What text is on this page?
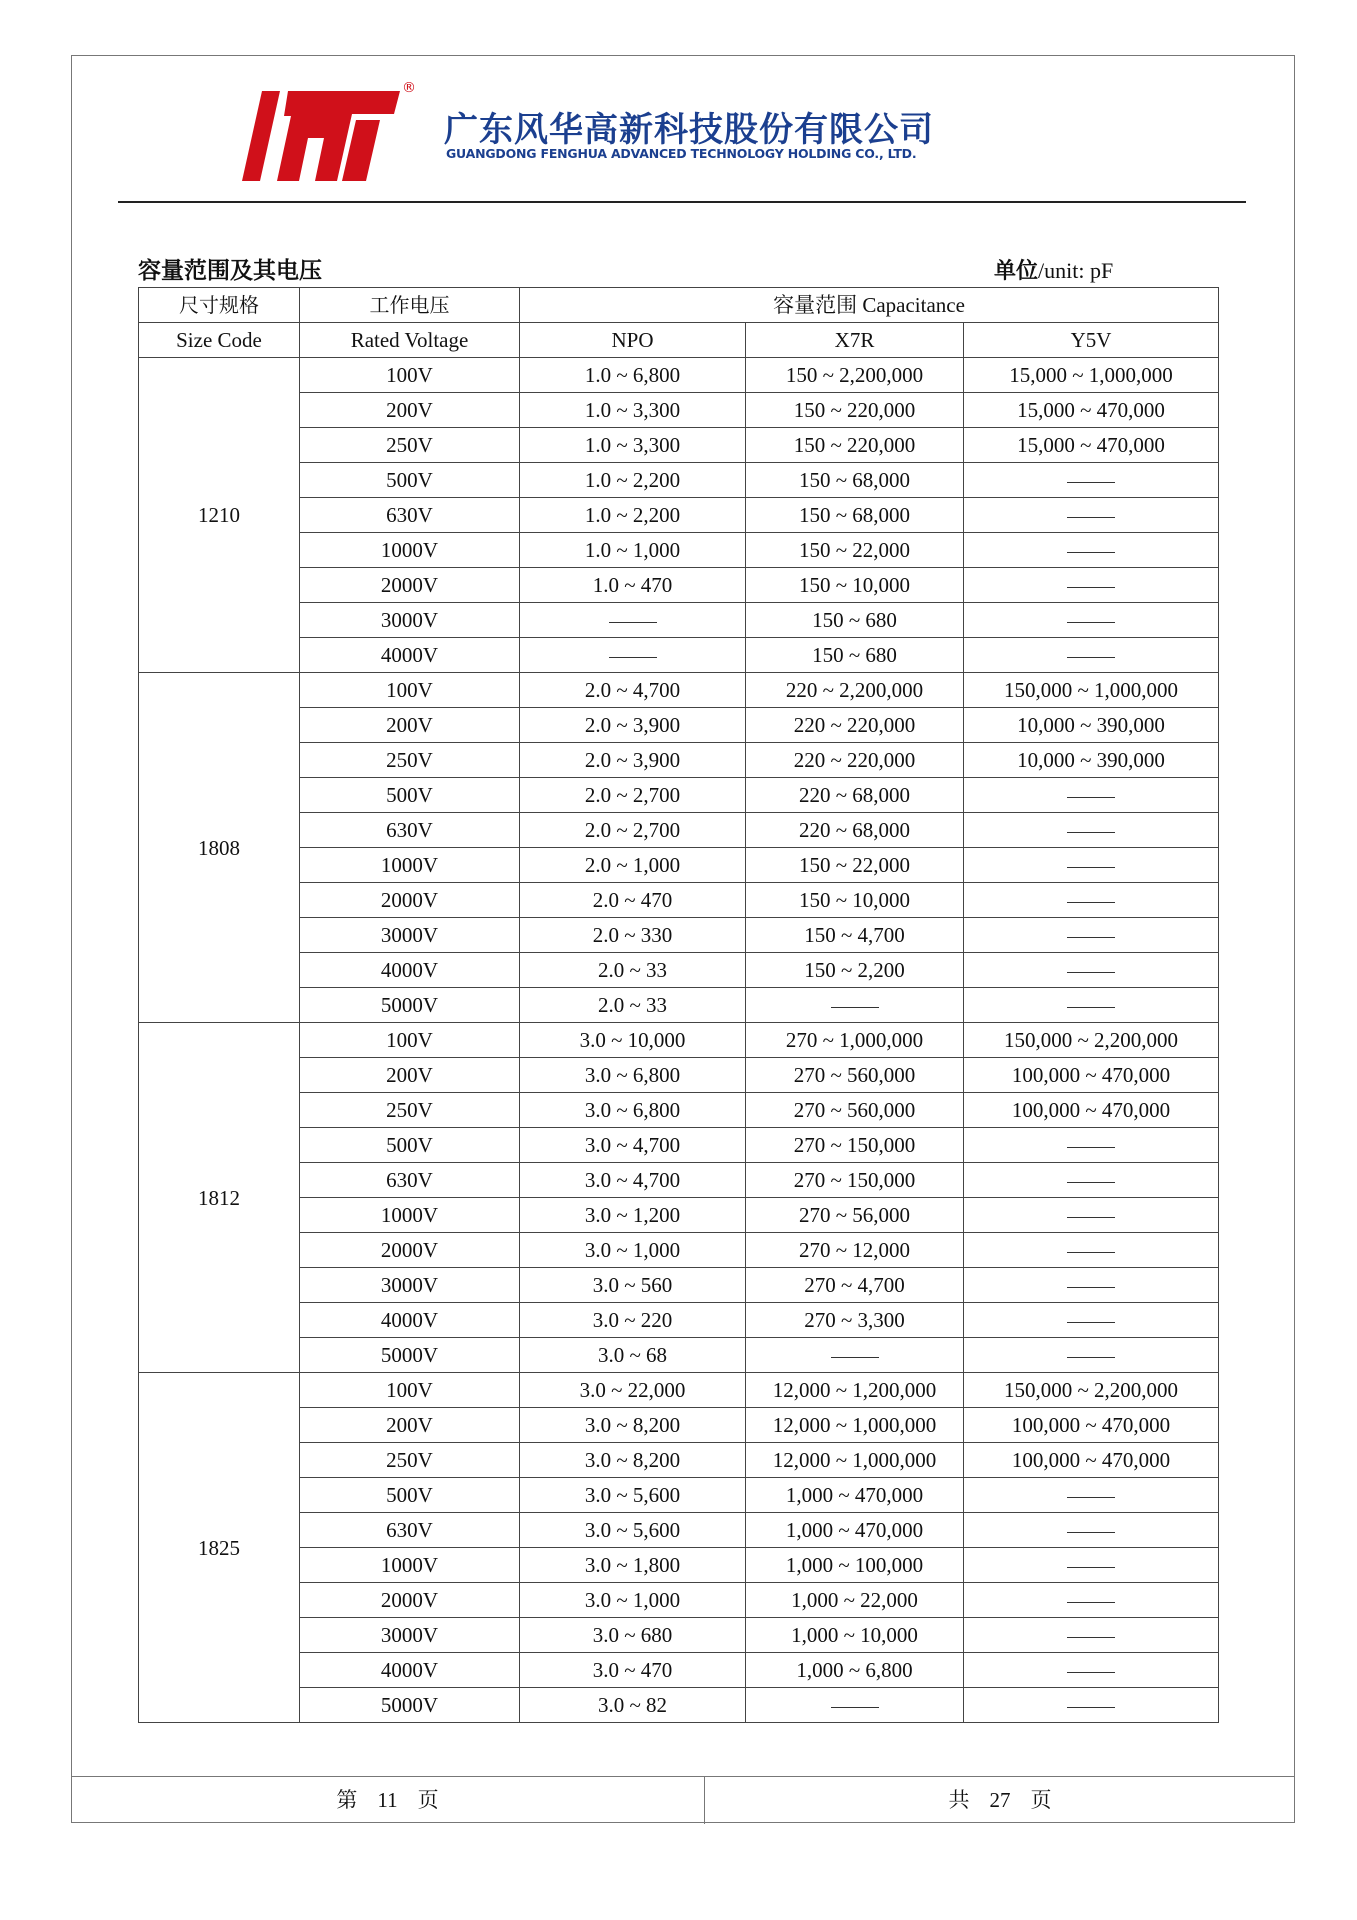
®
广东风华高新科技股份有限公司
GUANGDONG FENGHUA ADVANCED TECHNOLOGY HOLDING CO., LTD.
容量范围及其电压	单位/unit: pF
尺寸规格	工作电压	容量范围 Capacitance		
Size Code	Rated Voltage	NPO	X7R	Y5V
1210	100V	1.0 ~ 6,800	150 ~ 2,200,000	15,000 ~ 1,000,000
	200V	1.0 ~ 3,300	150 ~ 220,000	15,000 ~ 470,000
	250V	1.0 ~ 3,300	150 ~ 220,000	15,000 ~ 470,000
	500V	1.0 ~ 2,200	150 ~ 68,000	
	630V	1.0 ~ 2,200	150 ~ 68,000	
	1000V	1.0 ~ 1,000	150 ~ 22,000	
	2000V	1.0 ~ 470	150 ~ 10,000	
	3000V		150 ~ 680	
	4000V		150 ~ 680	
1808	100V	2.0 ~ 4,700	220 ~ 2,200,000	150,000 ~ 1,000,000
	200V	2.0 ~ 3,900	220 ~ 220,000	10,000 ~ 390,000
	250V	2.0 ~ 3,900	220 ~ 220,000	10,000 ~ 390,000
	500V	2.0 ~ 2,700	220 ~ 68,000	
	630V	2.0 ~ 2,700	220 ~ 68,000	
	1000V	2.0 ~ 1,000	150 ~ 22,000	
	2000V	2.0 ~ 470	150 ~ 10,000	
	3000V	2.0 ~ 330	150 ~ 4,700	
	4000V	2.0 ~ 33	150 ~ 2,200	
	5000V	2.0 ~ 33		
1812	100V	3.0 ~ 10,000	270 ~ 1,000,000	150,000 ~ 2,200,000
	200V	3.0 ~ 6,800	270 ~ 560,000	100,000 ~ 470,000
	250V	3.0 ~ 6,800	270 ~ 560,000	100,000 ~ 470,000
	500V	3.0 ~ 4,700	270 ~ 150,000	
	630V	3.0 ~ 4,700	270 ~ 150,000	
	1000V	3.0 ~ 1,200	270 ~ 56,000	
	2000V	3.0 ~ 1,000	270 ~ 12,000	
	3000V	3.0 ~ 560	270 ~ 4,700	
	4000V	3.0 ~ 220	270 ~ 3,300	
	5000V	3.0 ~ 68		
1825	100V	3.0 ~ 22,000	12,000 ~ 1,200,000	150,000 ~ 2,200,000
	200V	3.0 ~ 8,200	12,000 ~ 1,000,000	100,000 ~ 470,000
	250V	3.0 ~ 8,200	12,000 ~ 1,000,000	100,000 ~ 470,000
	500V	3.0 ~ 5,600	1,000 ~ 470,000	
	630V	3.0 ~ 5,600	1,000 ~ 470,000	
	1000V	3.0 ~ 1,800	1,000 ~ 100,000	
	2000V	3.0 ~ 1,000	1,000 ~ 22,000	
	3000V	3.0 ~ 680	1,000 ~ 10,000	
	4000V	3.0 ~ 470	1,000 ~ 6,800	
	5000V	3.0 ~ 82		
第 11 页	共 27 页
